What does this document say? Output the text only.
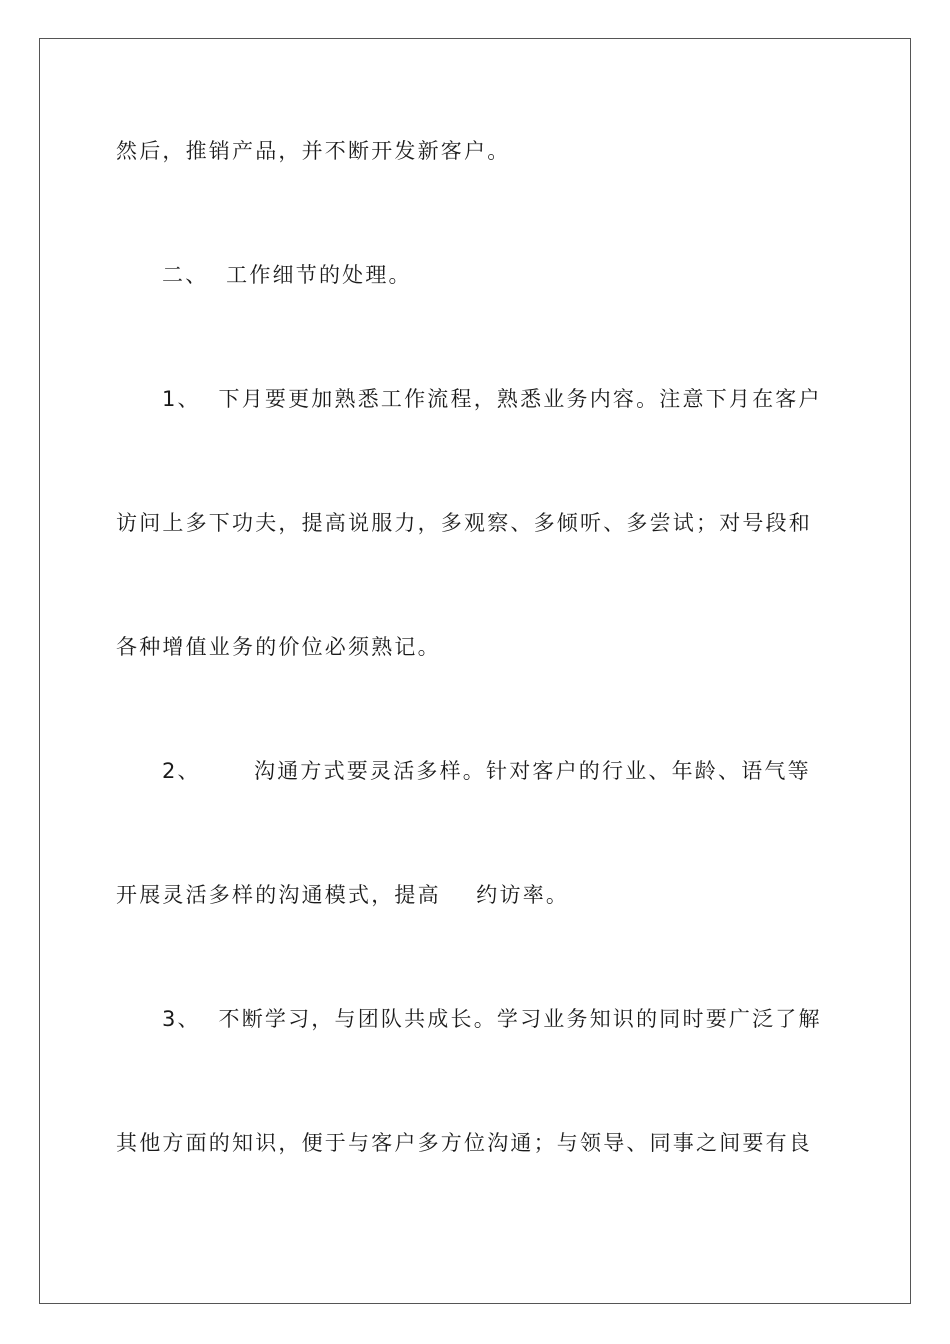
然后，推销产品，并不断开发新客户。
二、  工作细节的处理。
1、  下月要更加熟悉工作流程，熟悉业务内容。注意下月在客户
访问上多下功夫，提高说服力，多观察、多倾听、多尝试；对号段和
各种增值业务的价位必须熟记。
2、      沟通方式要灵活多样。针对客户的行业、年龄、语气等
开展灵活多样的沟通模式，提高    约访率。
3、  不断学习，与团队共成长。学习业务知识的同时要广泛了解
其他方面的知识，便于与客户多方位沟通；与领导、同事之间要有良
